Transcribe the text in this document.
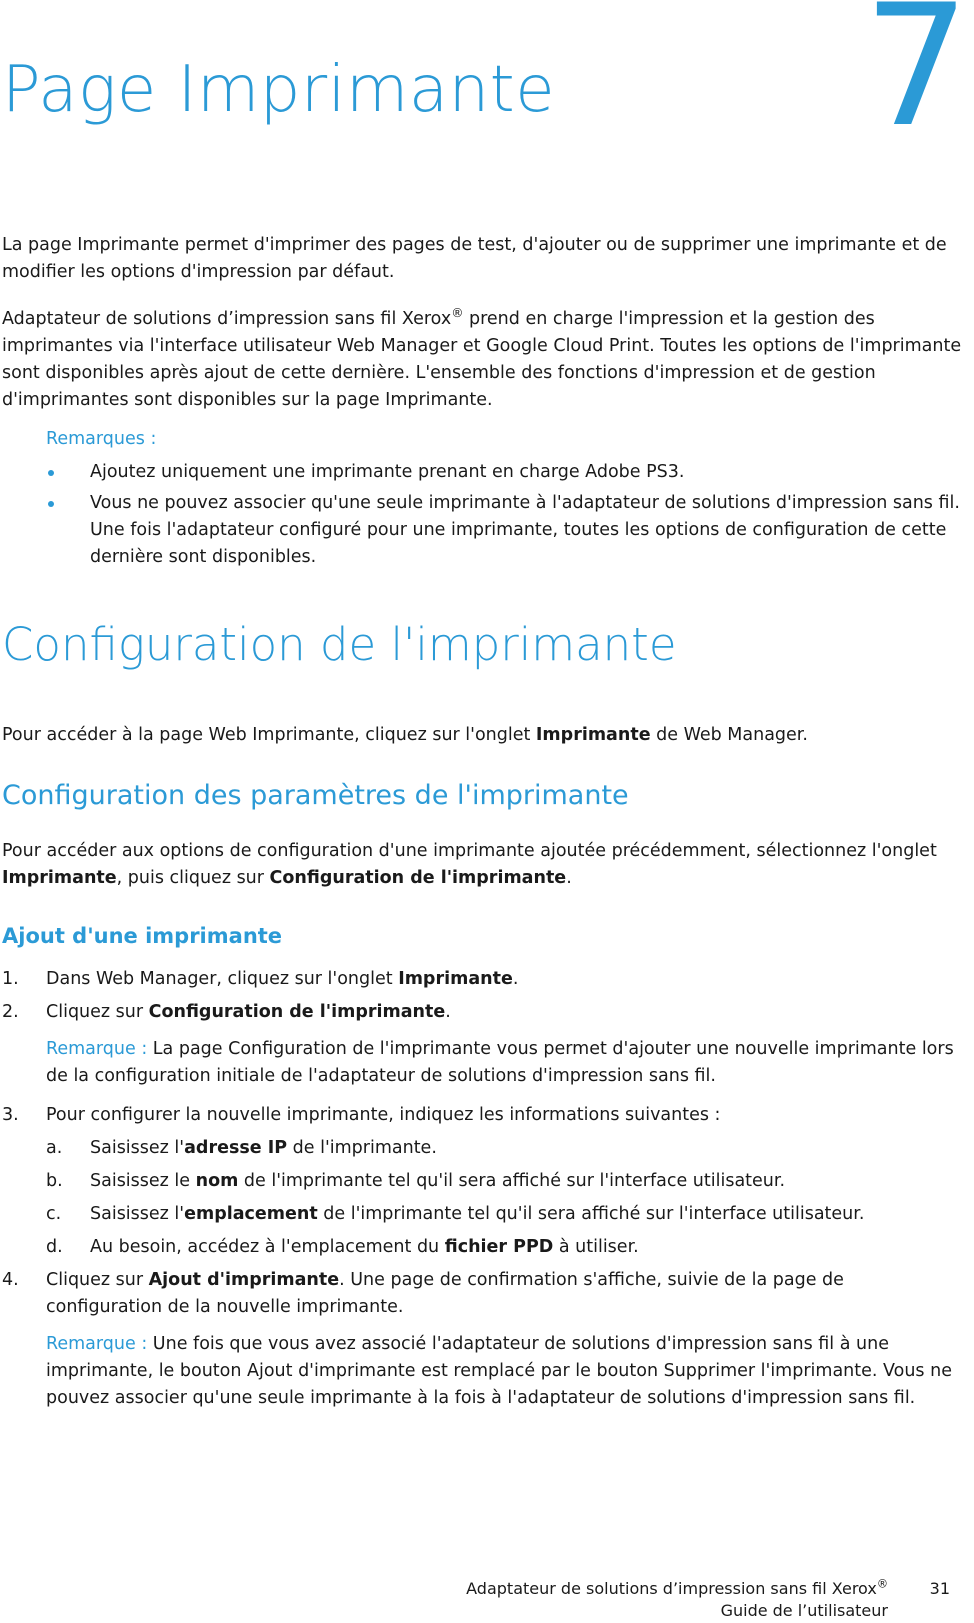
7
Page Imprimante

La page Imprimante permet d'imprimer des pages de test, d'ajouter ou de supprimer une imprimante et de modifier les options d'impression par défaut.

Adaptateur de solutions d’impression sans fil Xerox® prend en charge l'impression et la gestion des imprimantes via l'interface utilisateur Web Manager et Google Cloud Print. Toutes les options de l'imprimante sont disponibles après ajout de cette dernière. L'ensemble des fonctions d'impression et de gestion d'imprimantes sont disponibles sur la page Imprimante.

Remarques :

Ajoutez uniquement une imprimante prenant en charge Adobe PS3.
Vous ne pouvez associer qu'une seule imprimante à l'adaptateur de solutions d'impression sans fil. Une fois l'adaptateur configuré pour une imprimante, toutes les options de configuration de cette dernière sont disponibles.
Configuration de l'imprimante

Pour accéder à la page Web Imprimante, cliquez sur l'onglet Imprimante de Web Manager.

Configuration des paramètres de l'imprimante

Pour accéder aux options de configuration d'une imprimante ajoutée précédemment, sélectionnez l'onglet Imprimante, puis cliquez sur Configuration de l'imprimante.

Ajout d'une imprimante
1. Dans Web Manager, cliquez sur l'onglet Imprimante.
2. Cliquez sur Configuration de l'imprimante.
Remarque : La page Configuration de l'imprimante vous permet d'ajouter une nouvelle imprimante lors de la configuration initiale de l'adaptateur de solutions d'impression sans fil.
3. Pour configurer la nouvelle imprimante, indiquez les informations suivantes :
a. Saisissez l'adresse IP de l'imprimante.
b. Saisissez le nom de l'imprimante tel qu'il sera affiché sur l'interface utilisateur.
c. Saisissez l'emplacement de l'imprimante tel qu'il sera affiché sur l'interface utilisateur.
d. Au besoin, accédez à l'emplacement du fichier PPD à utiliser.
4. Cliquez sur Ajout d'imprimante. Une page de confirmation s'affiche, suivie de la page de configuration de la nouvelle imprimante.
Remarque : Une fois que vous avez associé l'adaptateur de solutions d'impression sans fil à une imprimante, le bouton Ajout d'imprimante est remplacé par le bouton Supprimer l'imprimante. Vous ne pouvez associer qu'une seule imprimante à la fois à l'adaptateur de solutions d'impression sans fil.
Adaptateur de solutions d’impression sans fil Xerox®
Guide de l’utilisateur
31
